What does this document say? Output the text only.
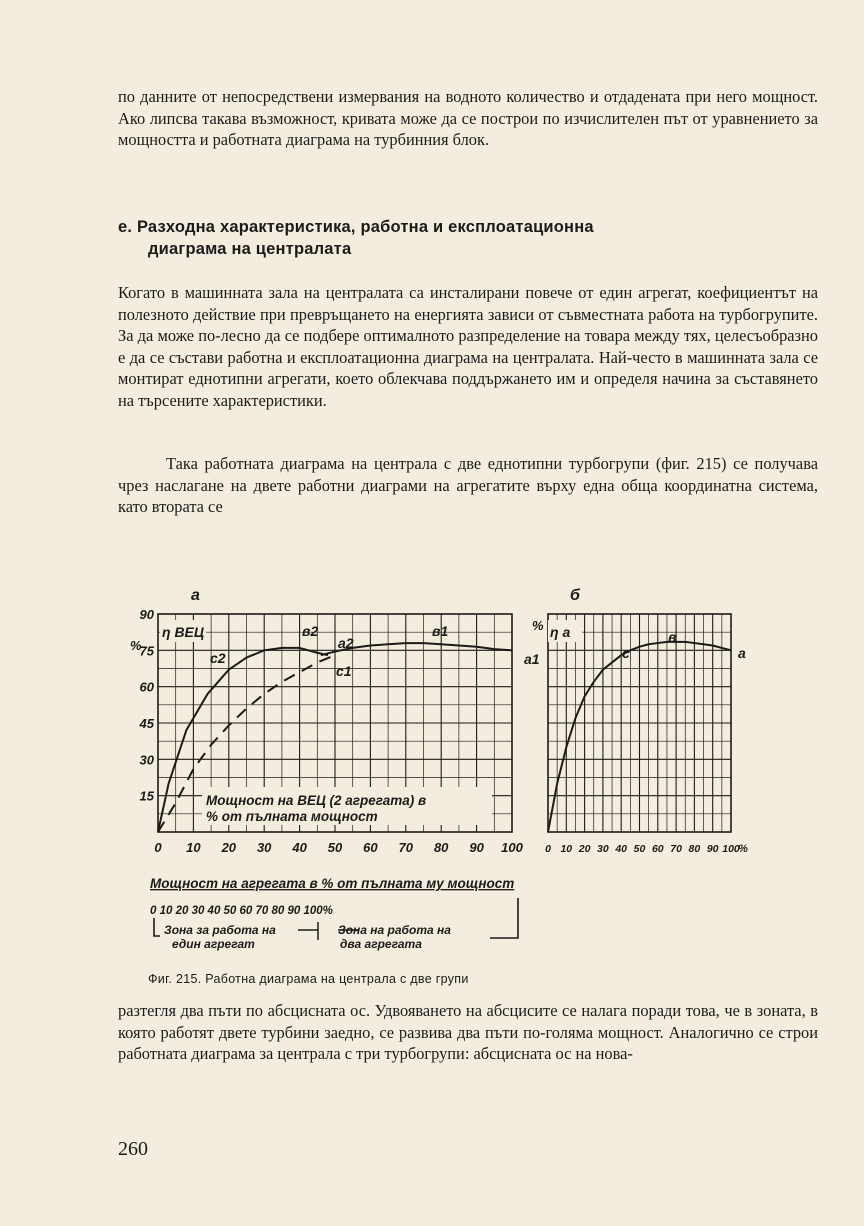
по данните от непосредствени измервания на водното количество и отдадената при него мощност. Ако липсва такава възможност, кривата може да се построи по изчислителен път от уравнението за мощността и работната диаграма на турбинния блок.

е. Разходна характеристика, работна и експлоатационна
диаграма на централата

Когато в машинната зала на централата са инсталирани повече от един агрегат, коефициентът на полезното действие при превръщането на енергията зависи от съвместната работа на турбогрупите. За да може по-лесно да се подбере оптималното разпределение на товара между тях, целесъобразно е да се състави работна и експлоатационна диаграма на централата. Най-често в машинната зала се монтират еднотипни агрегати, което облекчава поддържането им и определя начина за съставянето на търсените характеристики.

Така работната диаграма на централа с две еднотипни турбогрупи (фиг. 215) се получава чрез наслагане на двете работни диаграми на агрегатите върху една обща координатна система, като втората се

а
15
30
45
60
75
90
0 10 20 30 40 50 60 70 80 90 100
%
η ВЕЦ
Мощност на ВЕЦ (2 агрегата) в
% от пълната мощност
с2
в2
а2
с1
в1
а1
Мощност на агрегата в % от пълната му мощност
0 10 20 30 40 50 60 70 80 90 100%
Зона за работа на
един агрегат
Зона на работа на
два агрегата
б
0 10 20 30 40 50 60 70 80 90 100
%
% η а
с
в
а
Фиг. 215. Работна диаграма на централа с две групи

разтегля два пъти по абсцисната ос. Удвояването на абсцисите се налага поради това, че в зоната, в която работят двете турбини заедно, се развива два пъти по-голяма мощност. Аналогично се строи работната диаграма за централа с три турбогрупи: абсцисната ос на нова-

260
